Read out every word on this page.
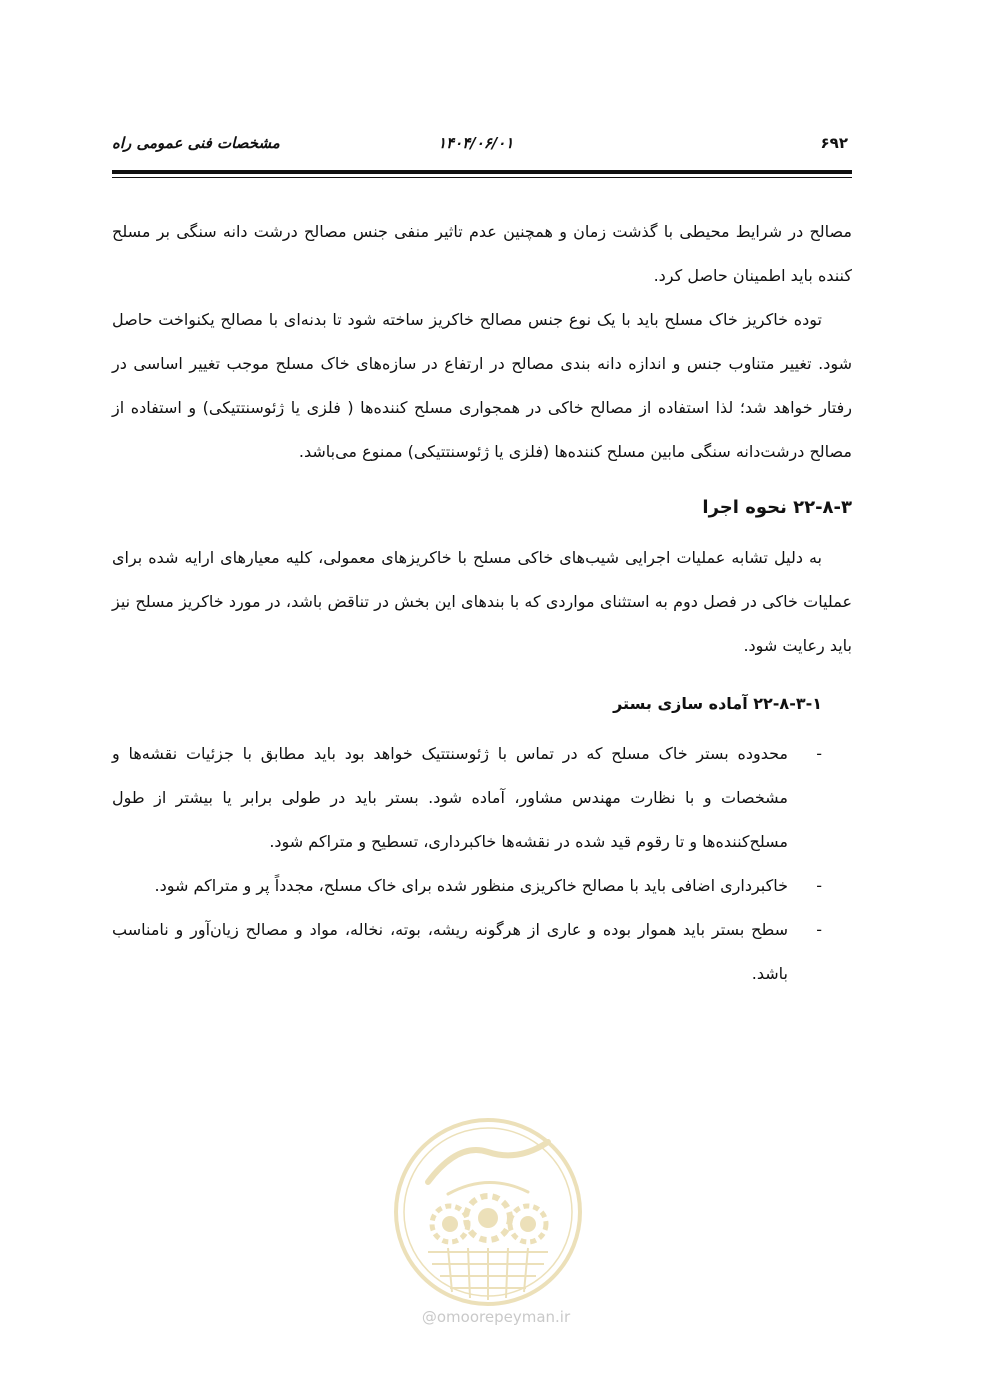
مشخصات فنی عمومی راه	۱۴۰۴/۰۶/۰۱	۶۹۲

مصالح در شرایط محیطی با گذشت زمان و همچنین عدم تاثیر منفی جنس مصالح درشت دانه سنگی بر مسلح کننده باید اطمینان حاصل کرد.

توده خاکریز خاک مسلح باید با یک نوع جنس مصالح خاکریز ساخته شود تا بدنه‌ای با مصالح یکنواخت حاصل شود. تغییر متناوب جنس و اندازه دانه بندی مصالح در ارتفاع در سازه‌های خاک مسلح موجب تغییر اساسی در رفتار خواهد شد؛ لذا استفاده از مصالح خاکی در همجواری مسلح کننده‌ها ( فلزی یا ژئوسنتتیکی) و استفاده از مصالح درشت‌دانه سنگی مابین مسلح کننده‌ها (فلزی یا ژئوسنتتیکی) ممنوع می‌باشد.

۲۲-۸-۳ نحوه اجرا

به دلیل تشابه عملیات اجرایی شیب‌های خاکی مسلح با خاکریزهای معمولی، کلیه معیارهای ارایه شده برای عملیات خاکی در فصل دوم به استثنای مواردی که با بندهای این بخش در تناقض باشد، در مورد خاکریز مسلح نیز باید رعایت شود.

۲۲-۸-۳-۱ آماده سازی بستر
-
محدوده بستر خاک مسلح که در تماس با ژئوسنتتیک خواهد بود باید مطابق با جزئیات نقشه‌ها و مشخصات و با نظارت مهندس مشاور، آماده شود. بستر باید در طولی برابر یا بیشتر از طول مسلح‌کننده‌ها و تا رقوم قید شده در نقشه‌ها خاکبرداری، تسطیح و متراکم شود.
-
خاکبرداری اضافی باید با مصالح خاکریزی منظور شده برای خاک مسلح، مجدداً پر و متراکم شود.
-
سطح بستر باید هموار بوده و عاری از هرگونه ریشه، بوته، نخاله، مواد و مصالح زیان‌آور و نامناسب باشد.
@omoorepeyman.ir
